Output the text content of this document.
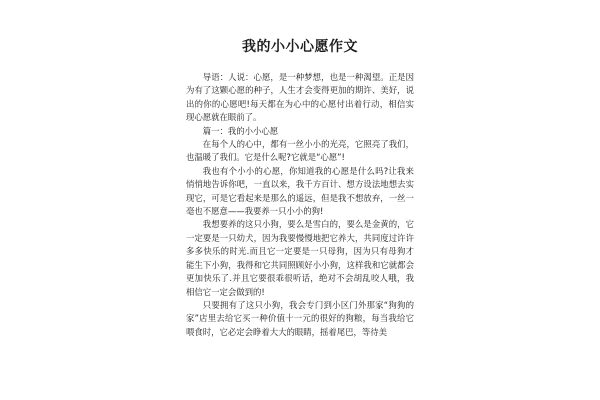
我的小小心愿作文

导语：人说：心愿，是一种梦想，也是一种渴望。正是因为有了这颗心愿的种子，人生才会变得更加的期许、美好，说出的你的心愿吧!每天都在为心中的心愿付出着行动，相信实现心愿就在眼前了。

篇一：我的小小心愿

在每个人的心中，都有一丝小小的光亮，它照亮了我们，也温暖了我们。它是什么呢?它就是“心愿”!

我也有个小小的心愿，你知道我的心愿是什么吗?让我来悄悄地告诉你吧，一直以来，我千方百计、想方设法地想去实现它，可是它看起来是那么的遥远，但是我不想放弃，一丝一毫也不愿意——我要养一只小小的狗!

我想要养的这只小狗，要么是雪白的，要么是金黄的，它一定要是一只幼犬，因为我要慢慢地把它养大，共同度过许许多多快乐的时光.而且它一定要是一只母狗，因为只有母狗才能生下小狗，我得和它共同照顾好小小狗，这样我和它就都会更加快乐了.并且它要很乖很听话，绝对不会胡乱咬人哦，我相信它一定会做到的!

只要拥有了这只小狗，我会专门到小区门外那家“狗狗的家”店里去给它买一种价值十一元的很好的狗粮，每当我给它喂食时，它必定会睁着大大的眼睛，摇着尾巴，等待美
